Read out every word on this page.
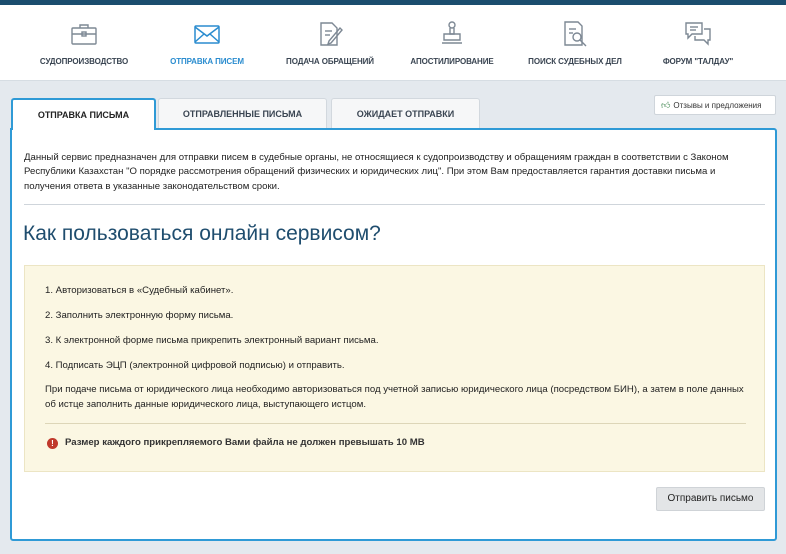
СУДОПРОИЗВОДСТВО	ОТПРАВКА ПИСЕМ	ПОДАЧА ОБРАЩЕНИЙ	АПОСТИЛИРОВАНИЕ	ПОИСК СУДЕБНЫХ ДЕЛ	ФОРУМ "ТАЛДАУ"
ОТПРАВКА ПИСЬМА	ОТПРАВЛЕННЫЕ ПИСЬМА	ОЖИДАЕТ ОТПРАВКИ
👍︎ Отзывы и предложения

Данный сервис предназначен для отправки писем в судебные органы, не относящиеся к судопроизводству и обращениям граждан в соответствии с Законом Республики Казахстан "О порядке рассмотрения обращений физических и юридических лиц". При этом Вам предоставляется гарантия доставки письма и получения ответа в указанные законодательством сроки.

Как пользоваться онлайн сервисом?
1. Авторизоваться в «Судебный кабинет».
2. Заполнить электронную форму письма.
3. К электронной форме письма прикрепить электронный вариант письма.
4. Подписать ЭЦП (электронной цифровой подписью) и отправить.

При подаче письма от юридического лица необходимо авторизоваться под учетной записью юридического лица (посредством БИН), а затем в поле данных об истце заполнить данные юридического лица, выступающего истцом.

! Размер каждого прикрепляемого Вами файла не должен превышать 10 MB
Отправить письмо
